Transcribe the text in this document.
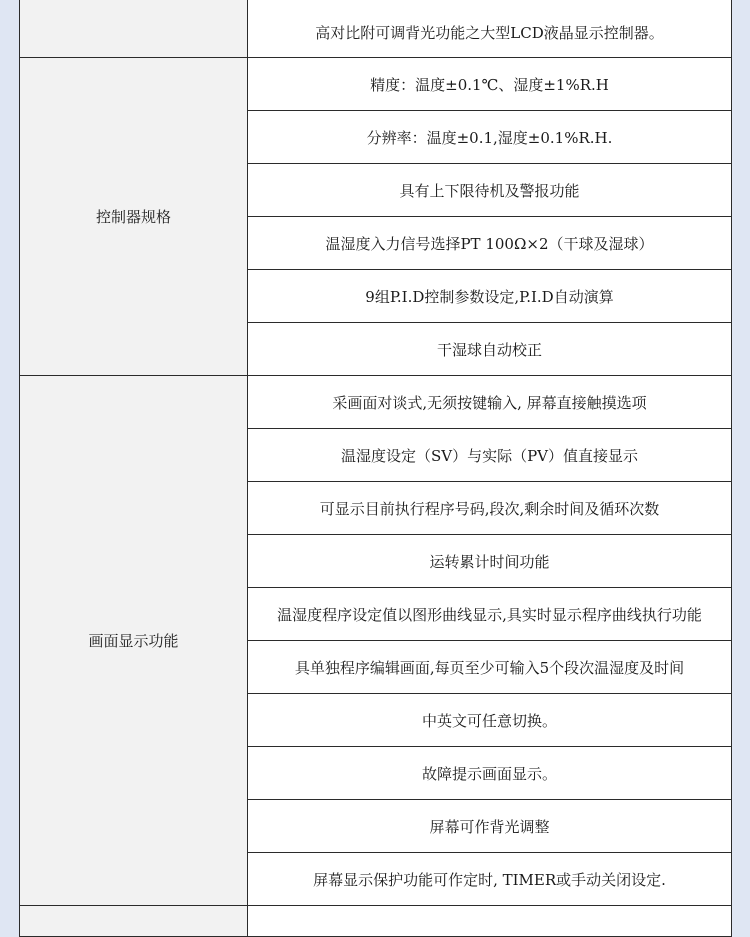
	高对比附可调背光功能之大型LCD液晶显示控制器。
控制器规格	精度：温度±0.1℃、湿度±1%R.H
	分辨率：温度±0.1,湿度±0.1%R.H.
	具有上下限待机及警报功能
	温湿度入力信号选择PT 100Ω×2（干球及湿球）
	9组P.I.D控制参数设定,P.I.D自动演算
	干湿球自动校正
画面显示功能	采画面对谈式,无须按键输入, 屏幕直接触摸选项
	温湿度设定（SV）与实际（PV）值直接显示
	可显示目前执行程序号码,段次,剩余时间及循环次数
	运转累计时间功能
	温湿度程序设定值以图形曲线显示,具实时显示程序曲线执行功能
	具单独程序编辑画面,每页至少可输入5个段次温湿度及时间
	中英文可任意切换。
	故障提示画面显示。
	屏幕可作背光调整
	屏幕显示保护功能可作定时, TIMER或手动关闭设定.
